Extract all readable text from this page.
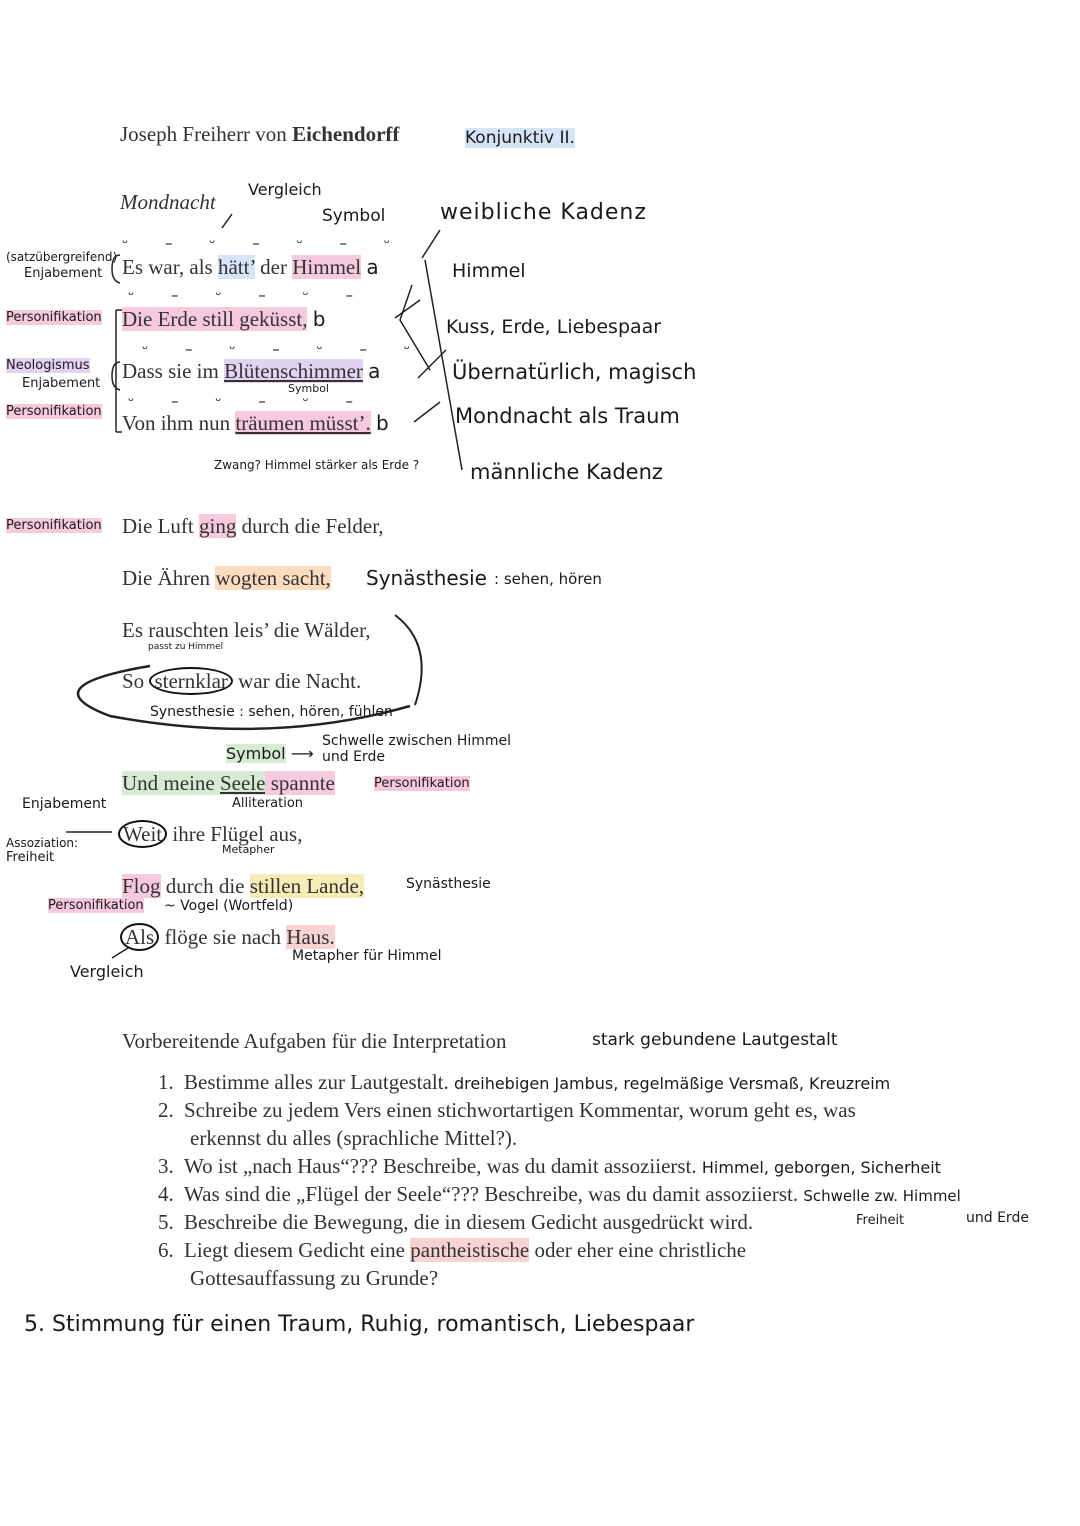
Joseph Freiherr von Eichendorff	Konjunktiv II.
Mondnacht
Vergleich
Symbol weibliche Kadenz
Himmel
Kuss, Erde, Liebespaar
Übernatürlich, magisch
Mondnacht als Traum
männliche Kadenz
(satzübergreifend)
Enjabement
Personifikation
Neologismus
Enjabement
Personifikation
ᵕ – ᵕ – ᵕ – ᵕ
ᵕ – ᵕ – ᵕ –
ᵕ – ᵕ – ᵕ – ᵕ
ᵕ – ᵕ – ᵕ –
Es war, als hätt’ der Himmel a
Die Erde still geküsst, b
Dass sie im Blütenschimmer a
Symbol
Von ihm nun träumen müsst’. b
Zwang? Himmel stärker als Erde ?
Personifikation Die Luft ging durch die Felder,
Die Ähren wogten sacht, Synästhesie : sehen, hören
Es rauschten leis’ die Wälder,
passt zu Himmel
So sternklar war die Nacht.
Synesthesie : sehen, hören, fühlen
Symbol ⟶
Schwelle zwischen Himmel und Erde
Und meine Seele spannte	Personifikation
Alliteration
Enjabement
Assoziation:
Freiheit
Weit ihre Flügel aus,
Metapher
Flog durch die stillen Lande,	Synästhesie
Personifikation ~ Vogel (Wortfeld)
Als flöge sie nach Haus.
Metapher für Himmel
Vergleich
Vorbereitende Aufgaben für die Interpretation	stark gebundene Lautgestalt
1. Bestimme alles zur Lautgestalt. dreihebigen Jambus, regelmäßige Versmaß, Kreuzreim
2. Schreibe zu jedem Vers einen stichwortartigen Kommentar, worum geht es, was
erkennst du alles (sprachliche Mittel?).
3. Wo ist „nach Haus“??? Beschreibe, was du damit assoziierst. Himmel, geborgen, Sicherheit
4. Was sind die „Flügel der Seele“??? Beschreibe, was du damit assoziierst. Schwelle zw. Himmel
5. Beschreibe die Bewegung, die in diesem Gedicht ausgedrückt wird.	Freiheit	und Erde
6. Liegt diesem Gedicht eine pantheistische oder eher eine christliche
Gottesauffassung zu Grunde?
5. Stimmung für einen Traum, Ruhig, romantisch, Liebespaar
